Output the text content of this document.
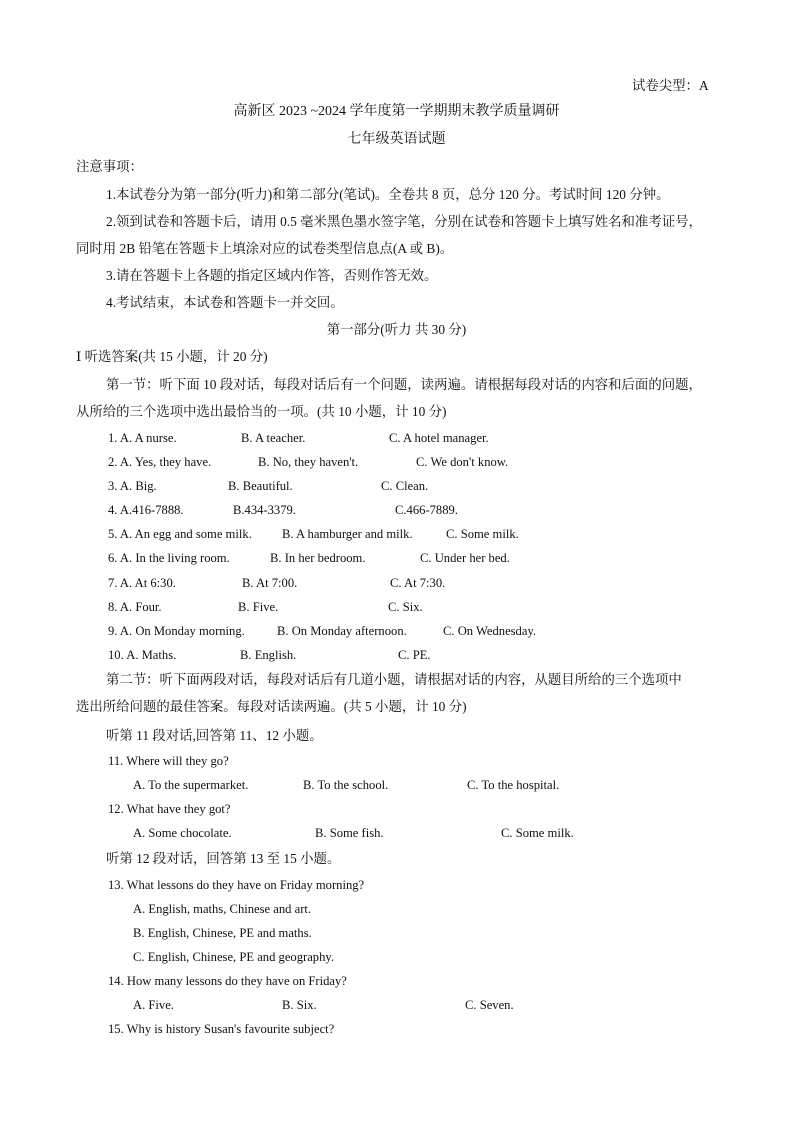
试卷尖型：A
高新区 2023 ~2024 学年度第一学期期末教学质量调研
七年级英语试题
注意事项：
1.本试卷分为第一部分(听力)和第二部分(笔试)。全卷共 8 页，总分 120 分。考试时间 120 分钟。
2.领到试卷和答题卡后，请用 0.5 毫米黑色墨水签字笔，分别在试卷和答题卡上填写姓名和准考证号，
同时用 2B 铅笔在答题卡上填涂对应的试卷类型信息点(A 或 B)。
3.请在答题卡上各题的指定区域内作答，否则作答无效。
4.考试结束，本试卷和答题卡一并交回。
第一部分(听力 共 30 分)
Ⅰ 听选答案(共 15 小题，计 20 分)
第一节：听下面 10 段对话，每段对话后有一个问题，读两遍。请根据每段对话的内容和后面的问题，
从所给的三个选项中选出最恰当的一项。(共 10 小题，计 10 分)
1. A. A nurse.	B. A teacher.	C. A hotel manager.
2. A. Yes, they have.	B. No, they haven't.	C. We don't know.
3. A. Big.	B. Beautiful.	C. Clean.
4. A.416-7888.	B.434-3379.	C.466-7889.
5. A. An egg and some milk. B. A hamburger and milk.	C. Some milk.
6. A. In the living room.	B. In her bedroom.	C. Under her bed.
7. A. At 6:30.	B. At 7:00.	C. At 7:30.
8. A. Four.	B. Five.	C. Six.
9. A. On Monday morning.	B. On Monday afternoon.	C. On Wednesday.
10. A. Maths.	B. English.	C. PE.
第二节：听下面两段对话，每段对话后有几道小题，请根据对话的内容，从题目所给的三个选项中
选出所给问题的最佳答案。每段对话读两遍。(共 5 小题，计 10 分)
听第 11 段对话,回答第 11、12 小题。
11. Where will they go?
A. To the supermarket.	B. To the school.	C. To the hospital.
12. What have they got?
A. Some chocolate.	B. Some fish.	C. Some milk.
听第 12 段对话，回答第 13 至 15 小题。
13. What lessons do they have on Friday morning?
A. English, maths, Chinese and art.
B. English, Chinese, PE and maths.
C. English, Chinese, PE and geography.
14. How many lessons do they have on Friday?
A. Five.	B. Six.	C. Seven.
15. Why is history Susan's favourite subject?
